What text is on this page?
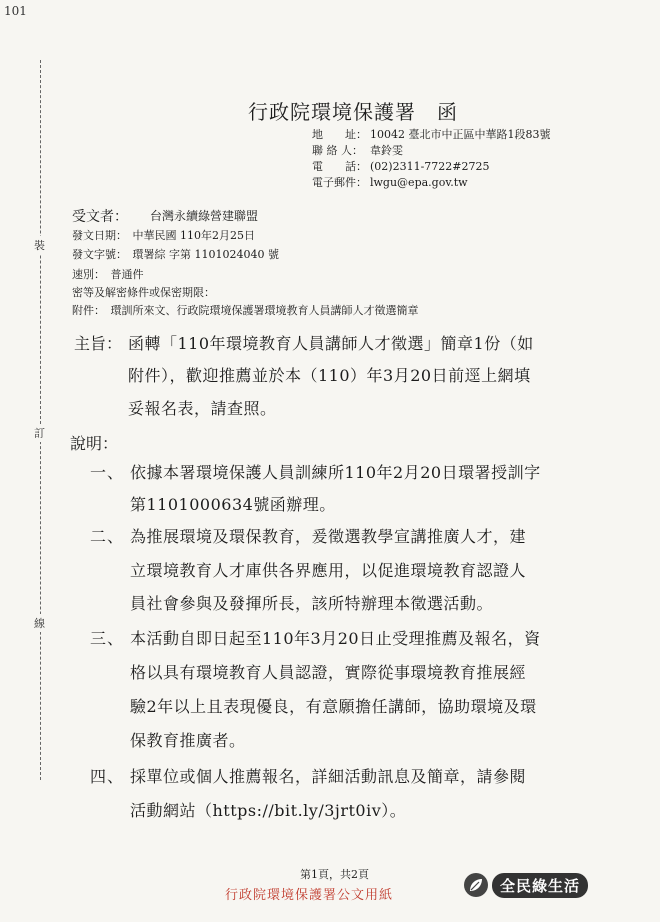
101
裝
訂
線
行政院環境保護署　函
地　　址： 10042 臺北市中正區中華路1段83號
聯 絡 人： 韋鈴雯
電　　話： (02)2311-7722#2725
電子郵件： lwgu@epa.gov.tw
受文者： 台灣永續綠營建聯盟
發文日期：　中華民國 110年2月25日
發文字號：　環署綜 字第 1101024040 號
速別：　普通件
密等及解密條件或保密期限：
附件：　環訓所來文、行政院環境保護署環境教育人員講師人才徵選簡章
主旨： 函轉「110年環境教育人員講師人才徵選」簡章1份（如
附件），歡迎推薦並於本（110）年3月20日前逕上網填
妥報名表，請查照。
說明：
一、 依據本署環境保護人員訓練所110年2月20日環署授訓字
第1101000634號函辦理。
二、 為推展環境及環保教育，爰徵選教學宣講推廣人才，建
立環境教育人才庫供各界應用，以促進環境教育認證人
員社會參與及發揮所長，該所特辦理本徵選活動。
三、 本活動自即日起至110年3月20日止受理推薦及報名，資
格以具有環境教育人員認證，實際從事環境教育推展經
驗2年以上且表現優良，有意願擔任講師，協助環境及環
保教育推廣者。
四、 採單位或個人推薦報名，詳細活動訊息及簡章，請參閱
活動網站（https://bit.ly/3jrt0iv）。
第1頁，共2頁
行政院環境保護署公文用紙
全民綠生活
